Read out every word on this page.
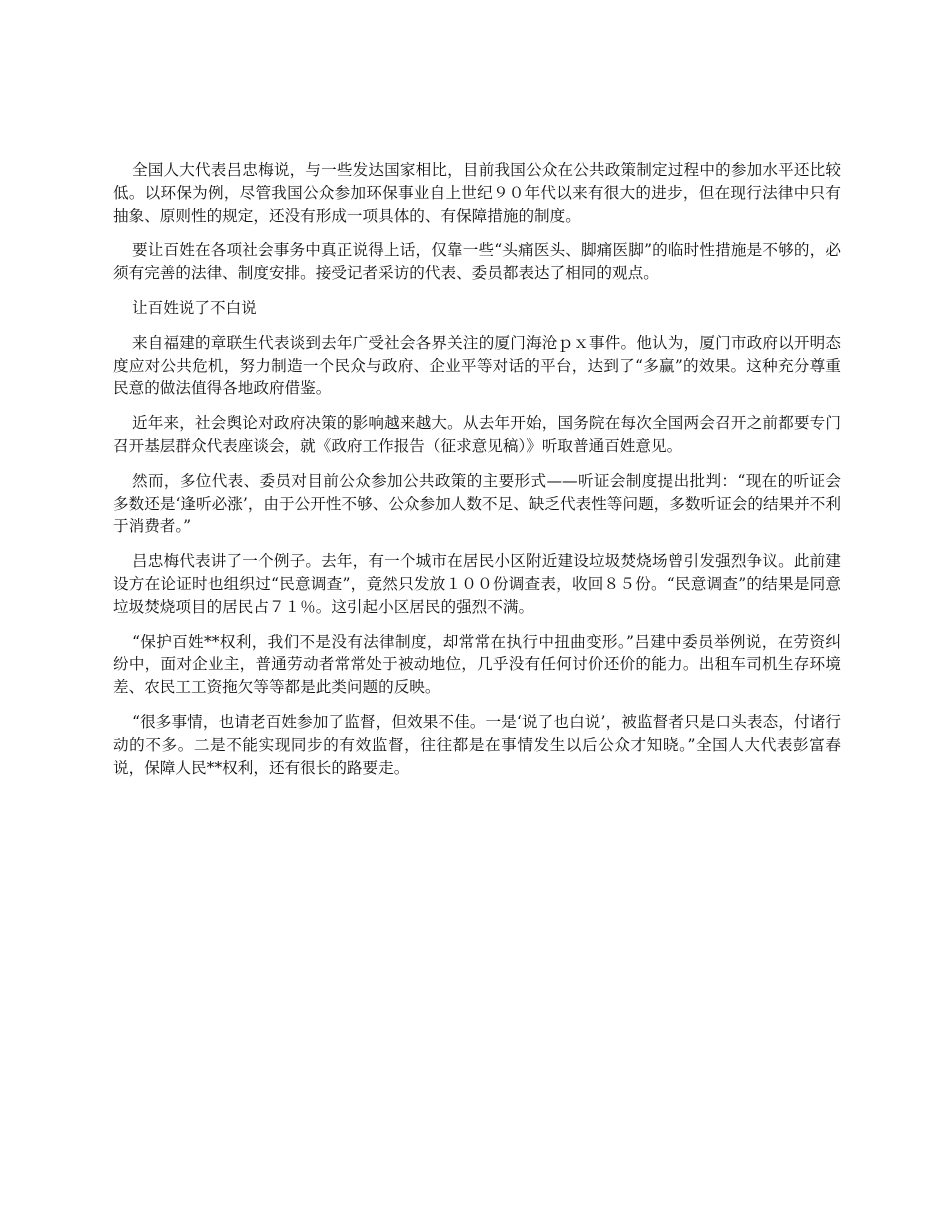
全国人大代表吕忠梅说，与一些发达国家相比，目前我国公众在公共政策制定过程中的参加水平还比较低。以环保为例，尽管我国公众参加环保事业自上世纪９０年代以来有很大的进步，但在现行法律中只有抽象、原则性的规定，还没有形成一项具体的、有保障措施的制度。

要让百姓在各项社会事务中真正说得上话，仅靠一些“头痛医头、脚痛医脚”的临时性措施是不够的，必须有完善的法律、制度安排。接受记者采访的代表、委员都表达了相同的观点。

让百姓说了不白说

来自福建的章联生代表谈到去年广受社会各界关注的厦门海沧ｐｘ事件。他认为，厦门市政府以开明态度应对公共危机，努力制造一个民众与政府、企业平等对话的平台，达到了“多赢”的效果。这种充分尊重民意的做法值得各地政府借鉴。

近年来，社会舆论对政府决策的影响越来越大。从去年开始，国务院在每次全国两会召开之前都要专门召开基层群众代表座谈会，就《政府工作报告（征求意见稿）》听取普通百姓意见。

然而，多位代表、委员对目前公众参加公共政策的主要形式——听证会制度提出批判：“现在的听证会多数还是‘逢听必涨’，由于公开性不够、公众参加人数不足、缺乏代表性等问题，多数听证会的结果并不利于消费者。”

吕忠梅代表讲了一个例子。去年，有一个城市在居民小区附近建设垃圾焚烧场曾引发强烈争议。此前建设方在论证时也组织过“民意调查”，竟然只发放１００份调查表，收回８５份。“民意调查”的结果是同意垃圾焚烧项目的居民占７１％。这引起小区居民的强烈不满。

“保护百姓**权利，我们不是没有法律制度，却常常在执行中扭曲变形。”吕建中委员举例说，在劳资纠纷中，面对企业主，普通劳动者常常处于被动地位，几乎没有任何讨价还价的能力。出租车司机生存环境差、农民工工资拖欠等等都是此类问题的反映。

“很多事情，也请老百姓参加了监督，但效果不佳。一是‘说了也白说’，被监督者只是口头表态，付诸行动的不多。二是不能实现同步的有效监督，往往都是在事情发生以后公众才知晓。”全国人大代表彭富春说，保障人民**权利，还有很长的路要走。
